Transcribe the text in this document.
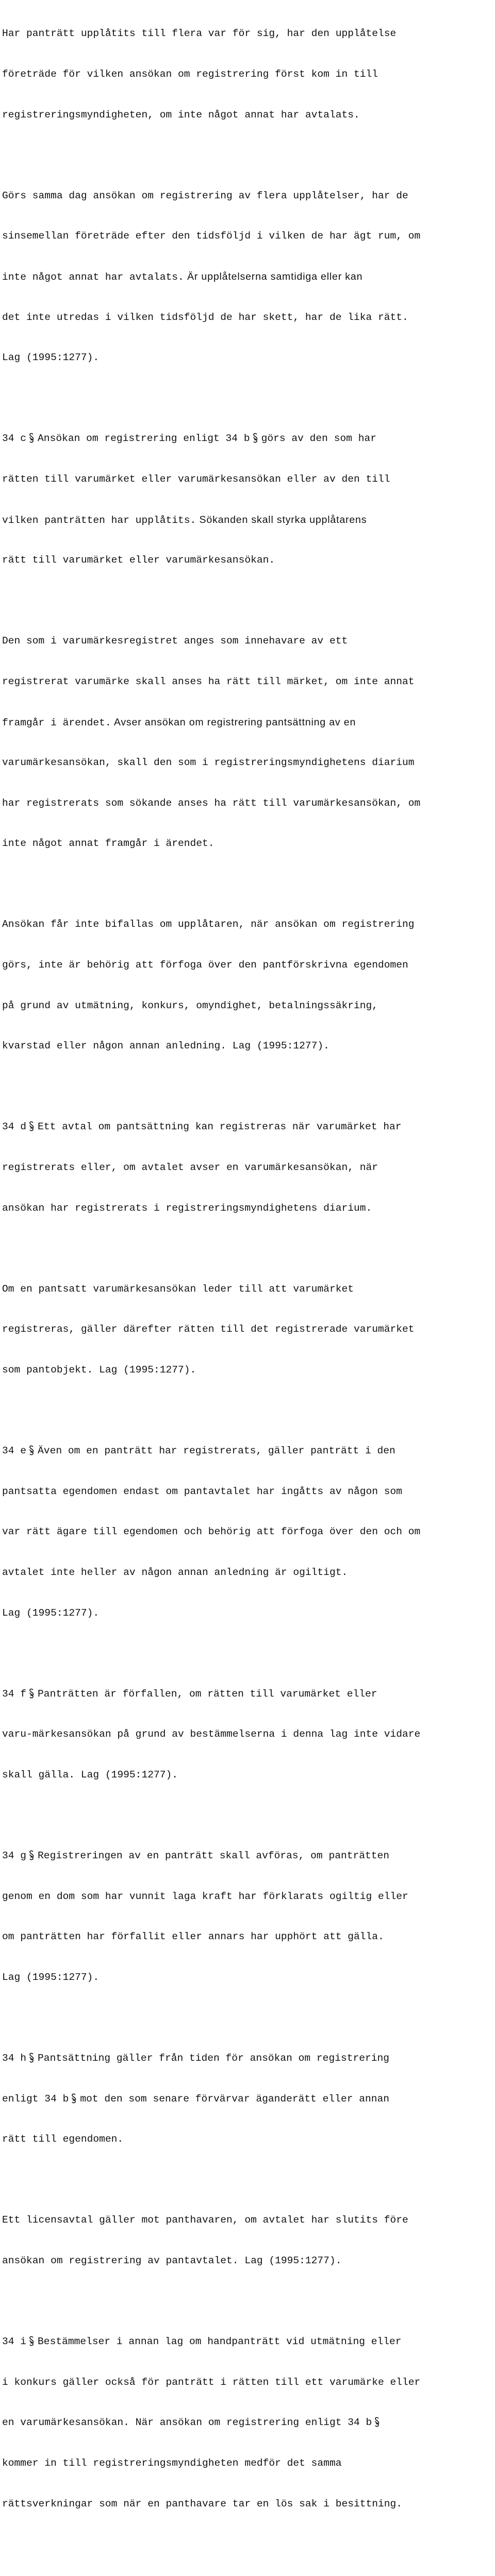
Har panträtt upplåtits till flera var för sig, har den upplåtelse

företräde för vilken ansökan om registrering först kom in till

registreringsmyndigheten, om inte något annat har avtalats.

Görs samma dag ansökan om registrering av flera upplåtelser, har de

sinsemellan företräde efter den tidsföljd i vilken de har ägt rum, om

inte något annat har avtalats. Är upplåtelserna samtidiga eller kan

det inte utredas i vilken tidsföljd de har skett, har de lika rätt.

Lag (1995:1277).

34 c Ansökan om registrering enligt 34 b görs av den som har

rätten till varumärket eller varumärkesansökan eller av den till

vilken panträtten har upplåtits. Sökanden skall styrka upplåtarens

rätt till varumärket eller varumärkesansökan.

Den som i varumärkesregistret anges som innehavare av ett

registrerat varumärke skall anses ha rätt till märket, om inte annat

framgår i ärendet. Avser ansökan om registrering pantsättning av en

varumärkesansökan, skall den som i registreringsmyndighetens diarium

har registrerats som sökande anses ha rätt till varumärkesansökan, om

inte något annat framgår i ärendet.

Ansökan får inte bifallas om upplåtaren, när ansökan om registrering

görs, inte är behörig att förfoga över den pantförskrivna egendomen

på grund av utmätning, konkurs, omyndighet, betalningssäkring,

kvarstad eller någon annan anledning. Lag (1995:1277).

34 d Ett avtal om pantsättning kan registreras när varumärket har

registrerats eller, om avtalet avser en varumärkesansökan, när

ansökan har registrerats i registreringsmyndighetens diarium.

Om en pantsatt varumärkesansökan leder till att varumärket

registreras, gäller därefter rätten till det registrerade varumärket

som pantobjekt. Lag (1995:1277).

34 e Även om en panträtt har registrerats, gäller panträtt i den

pantsatta egendomen endast om pantavtalet har ingåtts av någon som

var rätt ägare till egendomen och behörig att förfoga över den och om

avtalet inte heller av någon annan anledning är ogiltigt.

Lag (1995:1277).

34 f Panträtten är förfallen, om rätten till varumärket eller

varu-märkesansökan på grund av bestämmelserna i denna lag inte vidare

skall gälla. Lag (1995:1277).

34 g Registreringen av en panträtt skall avföras, om panträtten

genom en dom som har vunnit laga kraft har förklarats ogiltig eller

om panträtten har förfallit eller annars har upphört att gälla.

Lag (1995:1277).

34 h Pantsättning gäller från tiden för ansökan om registrering

enligt 34 b mot den som senare förvärvar äganderätt eller annan

rätt till egendomen.

Ett licensavtal gäller mot panthavaren, om avtalet har slutits före

ansökan om registrering av pantavtalet. Lag (1995:1277).

34 i Bestämmelser i annan lag om handpanträtt vid utmätning eller

i konkurs gäller också för panträtt i rätten till ett varumärke eller

en varumärkesansökan. När ansökan om registrering enligt 34 b

kommer in till registreringsmyndigheten medför det samma

rättsverkningar som när en panthavare tar en lös sak i besittning.
